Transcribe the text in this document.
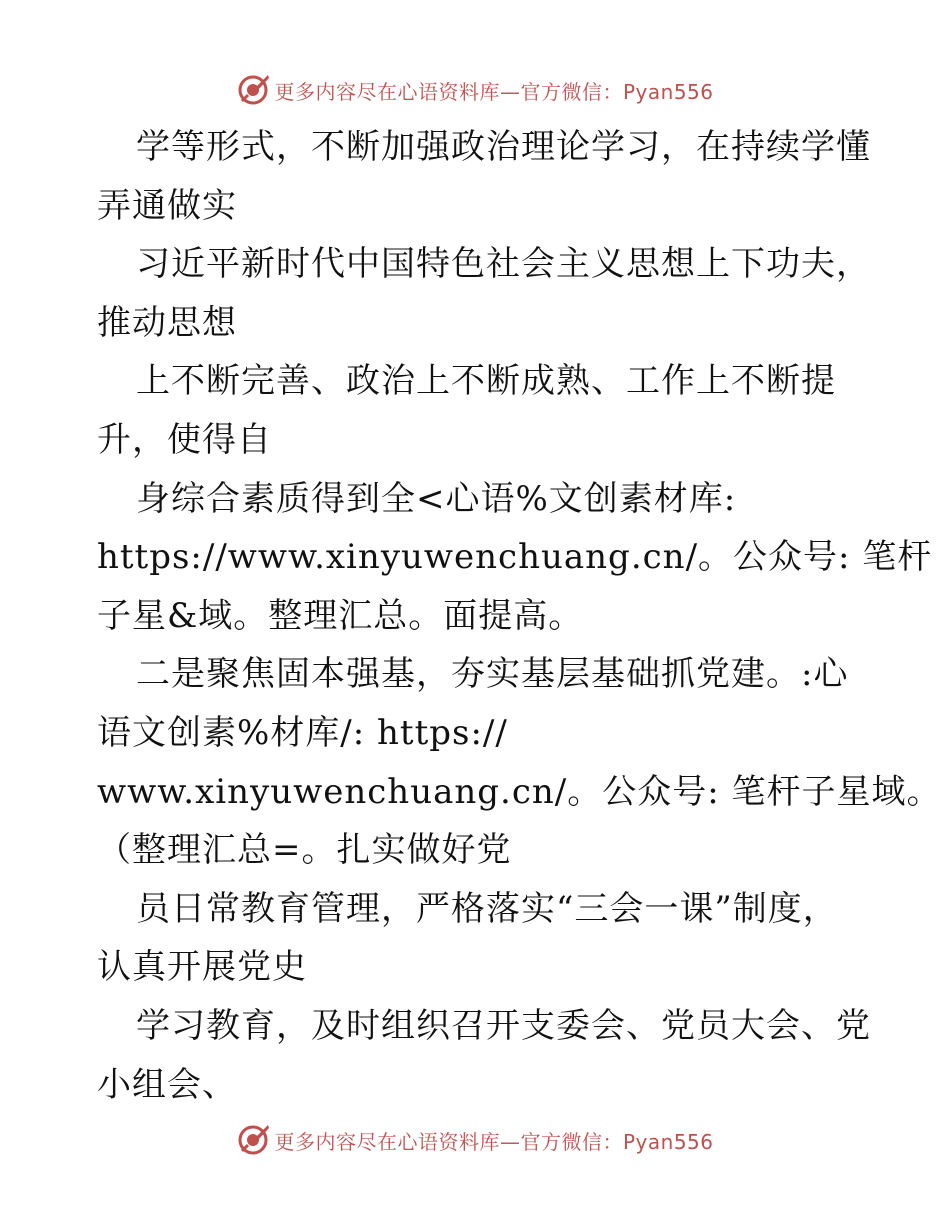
更多内容尽在心语资料库—官方微信：Pyan556
学等形式，不断加强政治理论学习，在持续学懂
弄通做实
习近平新时代中国特色社会主义思想上下功夫，
推动思想
上不断完善、政治上不断成熟、工作上不断提
升，使得自
身综合素质得到全<心语%文创素材库:
https://www.xinyuwenchuang.cn/。公众号: 笔杆
子星&域。整理汇总。面提高。
二是聚焦固本强基，夯实基层基础抓党建。:心
语文创素%材库/: https://
www.xinyuwenchuang.cn/。公众号: 笔杆子星域。
（整理汇总=。扎实做好党
员日常教育管理，严格落实“三会一课”制度，
认真开展党史
学习教育，及时组织召开支委会、党员大会、党
小组会、
更多内容尽在心语资料库—官方微信：Pyan556
